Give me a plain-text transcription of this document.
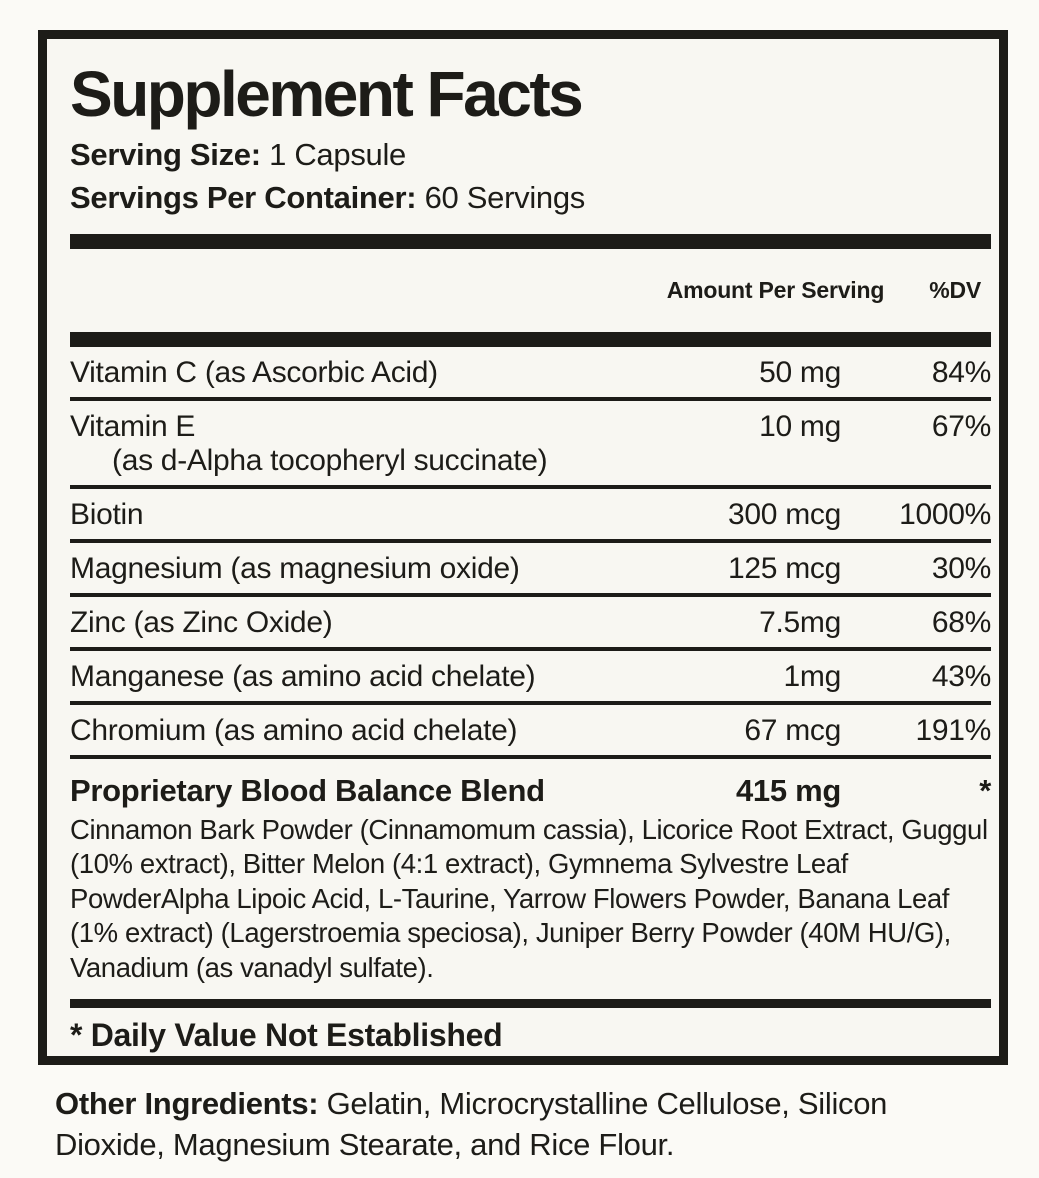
Supplement Facts
Serving Size: 1 Capsule
Servings Per Container: 60 Servings
Amount Per Serving %DV
Vitamin C (as Ascorbic Acid)	50 mg	84%
Vitamin E
(as d-Alpha tocopheryl succinate)
10 mg	67%
Biotin	300 mcg	1000%
Magnesium (as magnesium oxide)	125 mcg	30%
Zinc (as Zinc Oxide)	7.5mg	68%
Manganese (as amino acid chelate)	1mg	43%
Chromium (as amino acid chelate)	67 mcg	191%
Proprietary Blood Balance Blend	415 mg	*
Cinnamon Bark Powder (Cinnamomum cassia), Licorice Root Extract, Guggul (10% extract), Bitter Melon (4:1 extract), Gymnema Sylvestre Leaf PowderAlpha Lipoic Acid, L-Taurine, Yarrow Flowers Powder, Banana Leaf (1% extract) (Lagerstroemia speciosa), Juniper Berry Powder (40M HU/G), Vanadium (as vanadyl sulfate).
* Daily Value Not Established
Other Ingredients: Gelatin, Microcrystalline Cellulose, Silicon Dioxide, Magnesium Stearate, and Rice Flour.
